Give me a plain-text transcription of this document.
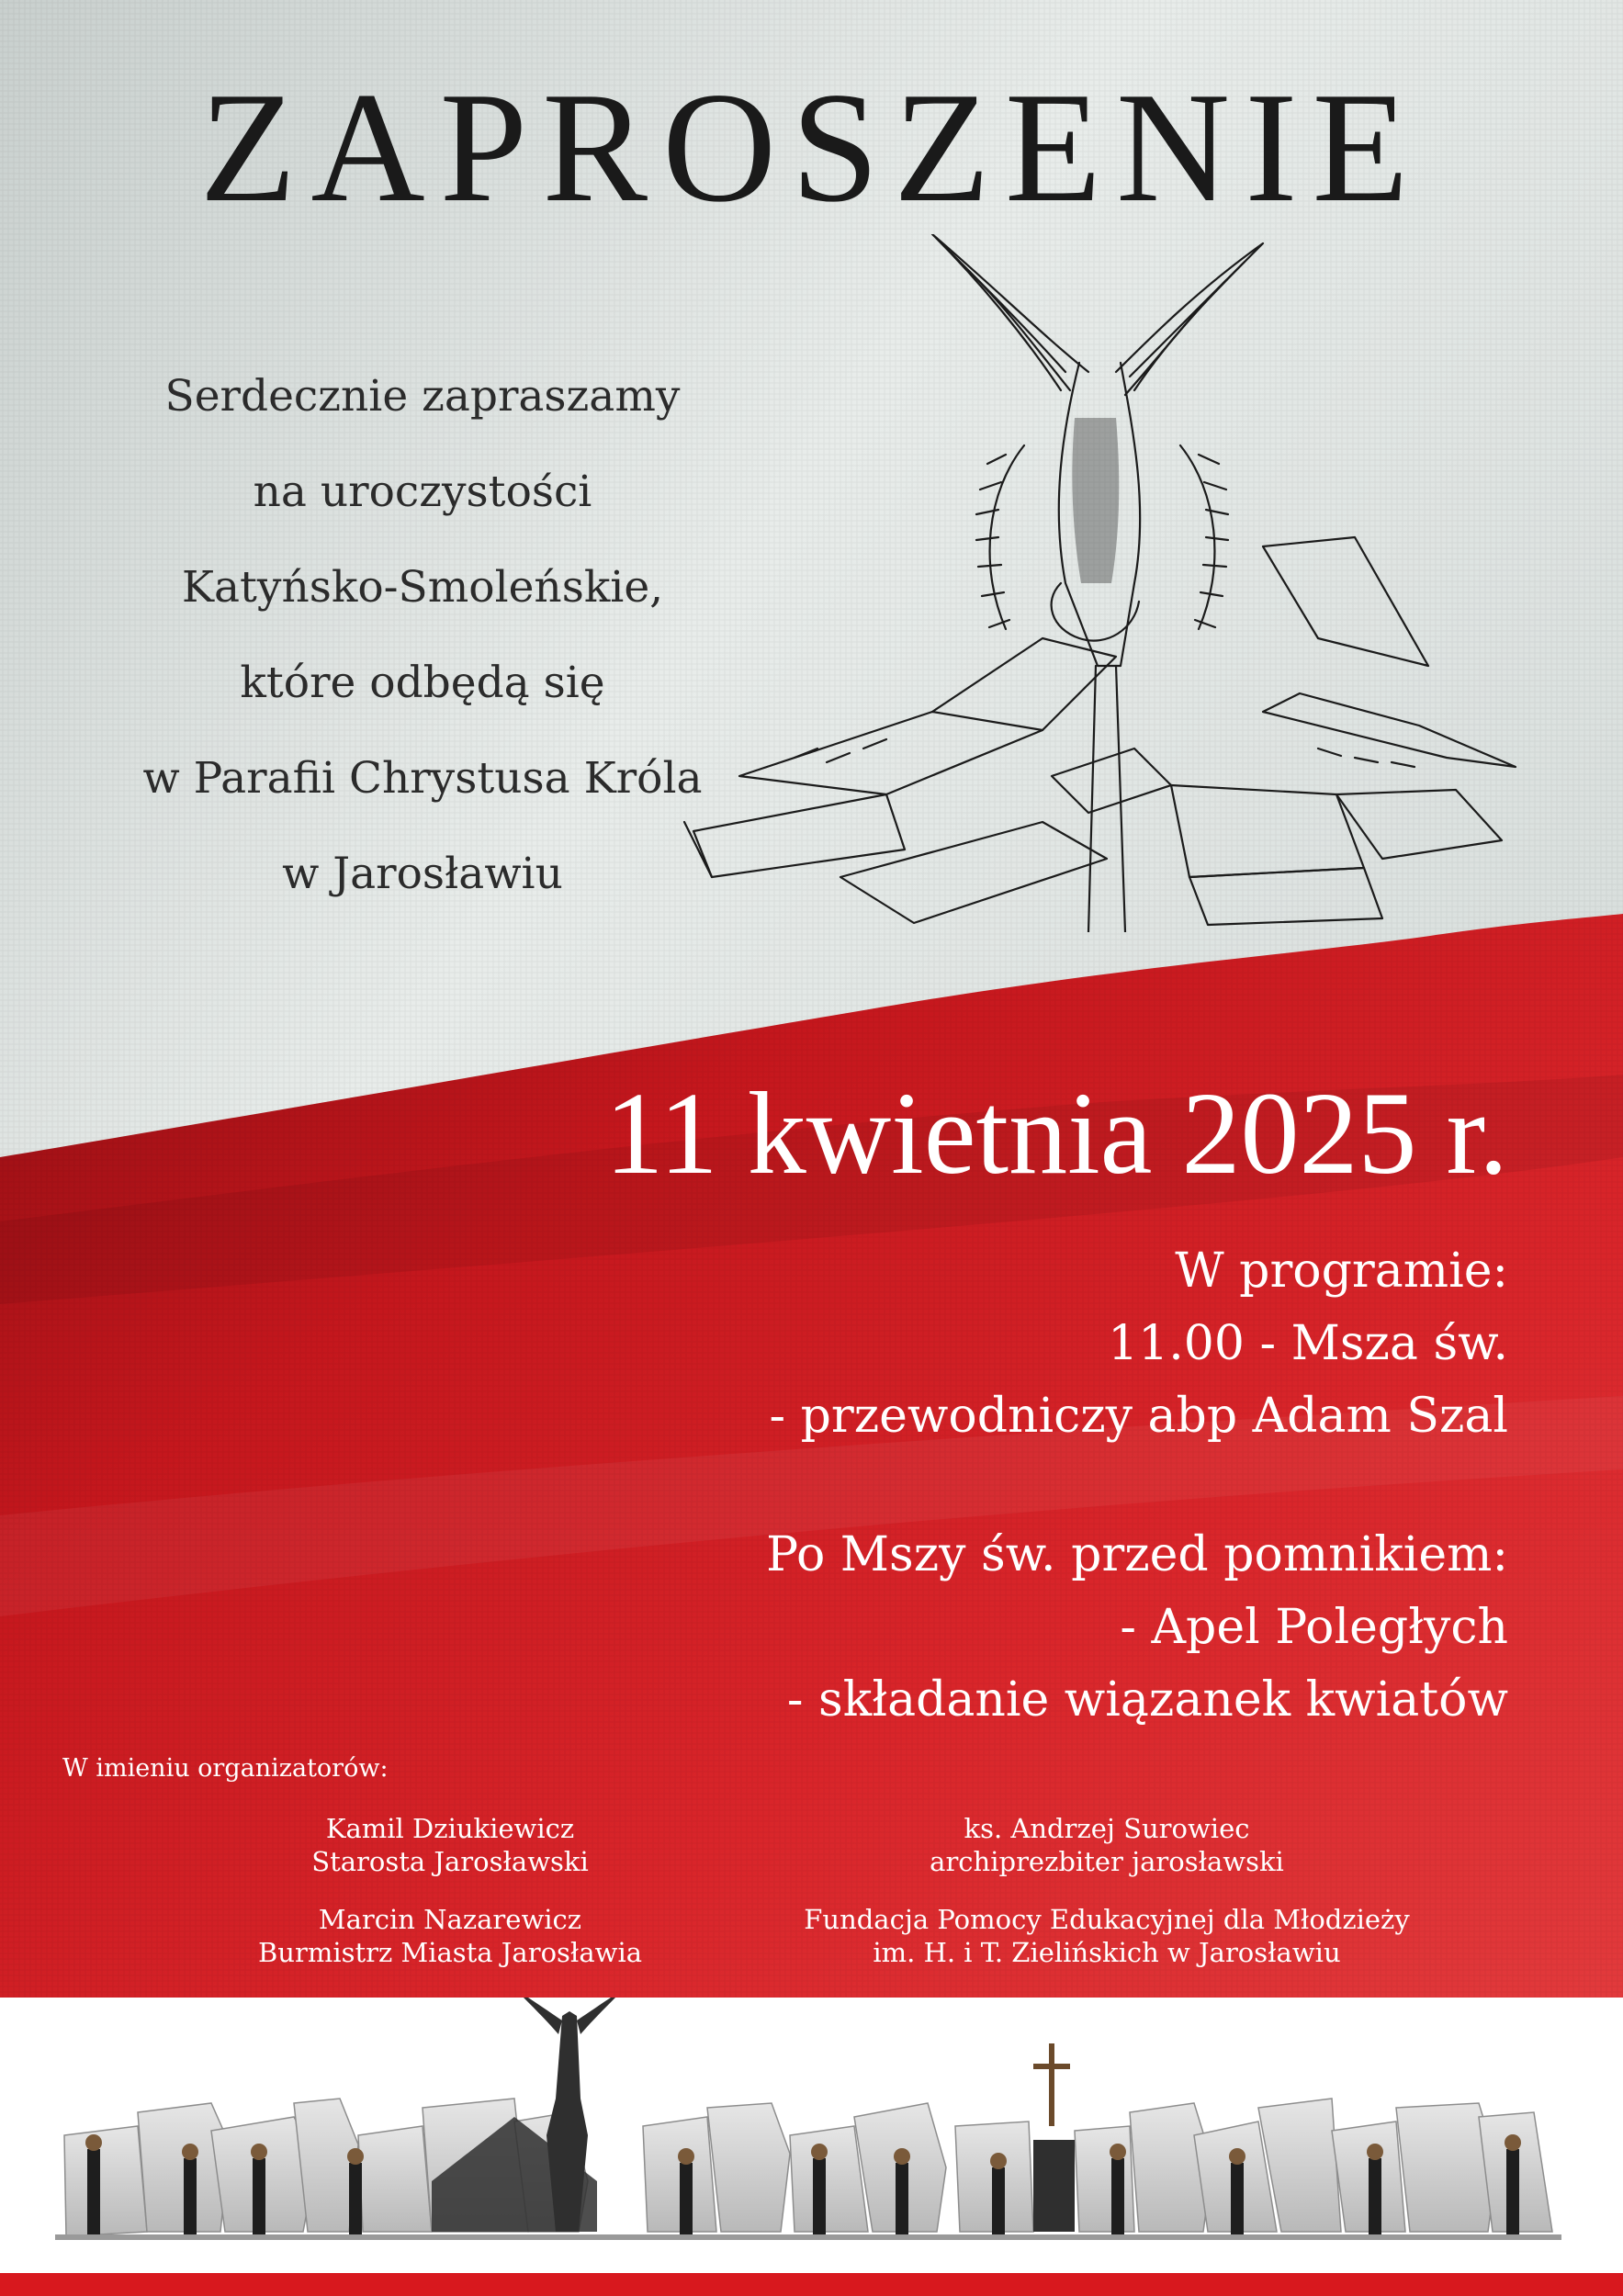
ZAPROSZENIE
Serdecznie zapraszamy
na uroczystości
Katyńsko-Smoleńskie,
które odbędą się
w Parafii Chrystusa Króla
w Jarosławiu
11 kwietnia 2025 r.
W programie:
11.00 - Msza św.
- przewodniczy abp Adam Szal
Po Mszy św. przed pomnikiem:
- Apel Poległych
- składanie wiązanek kwiatów
W imieniu organizatorów:
Kamil Dziukiewicz
Starosta Jarosławski
ks. Andrzej Surowiec
archiprezbiter jarosławski
Marcin Nazarewicz
Burmistrz Miasta Jarosławia
Fundacja Pomocy Edukacyjnej dla Młodzieży
im. H. i T. Zielińskich w Jarosławiu
